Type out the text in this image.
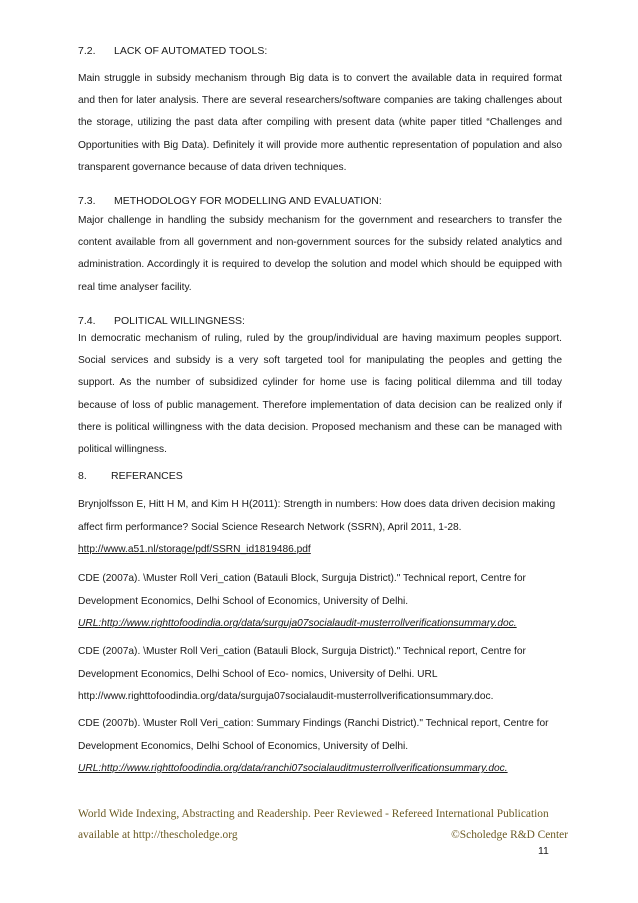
7.2. LACK OF AUTOMATED TOOLS:
Main struggle in subsidy mechanism through Big data is to convert the available data in required format and then for later analysis. There are several researchers/software companies are taking challenges about the storage, utilizing the past data after compiling with present data (white paper titled “Challenges and Opportunities with Big Data). Definitely it will provide more authentic representation of population and also transparent governance because of data driven techniques.
7.3. METHODOLOGY FOR MODELLING AND EVALUATION:
Major challenge in handling the subsidy mechanism for the government and researchers to transfer the content available from all government and non-government sources for the subsidy related analytics and administration. Accordingly it is required to develop the solution and model which should be equipped with real time analyser facility.
7.4. POLITICAL WILLINGNESS:
In democratic mechanism of ruling, ruled by the group/individual are having maximum peoples support. Social services and subsidy is a very soft targeted tool for manipulating the peoples and getting the support. As the number of subsidized cylinder for home use is facing political dilemma and till today because of loss of public management. Therefore implementation of data decision can be realized only if there is political willingness with the data decision. Proposed mechanism and these can be managed with political willingness.
8. REFERANCES
Brynjolfsson E, Hitt H M, and Kim H H(2011): Strength in numbers: How does data driven decision making
affect firm performance? Social Science Research Network (SSRN), April 2011, 1-28.
http://www.a51.nl/storage/pdf/SSRN_id1819486.pdf
CDE (2007a). \Muster Roll Veri_cation (Batauli Block, Surguja District)." Technical report, Centre for
Development Economics, Delhi School of Economics, University of Delhi.
URL:http://www.righttofoodindia.org/data/surguja07socialaudit-musterrollverificationsummary.doc.
CDE (2007a). \Muster Roll Veri_cation (Batauli Block, Surguja District)." Technical report, Centre for
Development Economics, Delhi School of Eco- nomics, University of Delhi. URL
http://www.righttofoodindia.org/data/surguja07socialaudit-musterrollverificationsummary.doc.
CDE (2007b). \Muster Roll Veri_cation: Summary Findings (Ranchi District)." Technical report, Centre for
Development Economics, Delhi School of Economics, University of Delhi.
URL:http://www.righttofoodindia.org/data/ranchi07socialauditmusterrollverificationsummary.doc.
World Wide Indexing, Abstracting and Readership. Peer Reviewed - Refereed International Publication
available at http://thescholedge.org	©Scholedge R&D Center
11
